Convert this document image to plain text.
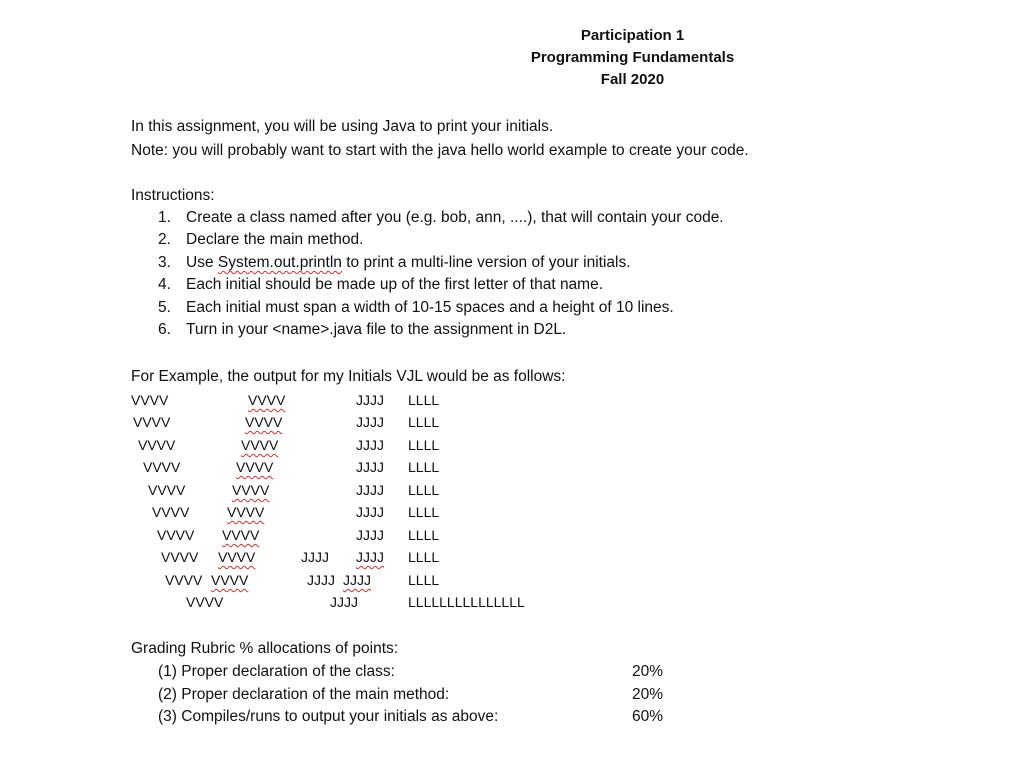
Participation 1
Programming Fundamentals
Fall 2020
In this assignment, you will be using Java to print your initials.
Note: you will probably want to start with the java hello world example to create your code.
Instructions:
1. Create a class named after you (e.g. bob, ann, ....), that will contain your code.
2. Declare the main method.
3. Use System.out.println to print a multi-line version of your initials.
4. Each initial should be made up of the first letter of that name.
5. Each initial must span a width of 10-15 spaces and a height of 10 lines.
6. Turn in your <name>.java file to the assignment in D2L.
For Example, the output for my Initials VJL would be as follows:
VVVV
VVVV
VVVV
VVVV
VVVV
VVVV
VVVV
VVVV
VVVV
VVVV
VVVV
VVVV
VVVV
VVVV
VVVV
VVVV
VVVV
VVVV
VVVV
JJJJ
JJJJ
JJJJ
JJJJ
JJJJ
JJJJ
JJJJ
JJJJ JJJJ
JJJJ JJJJ
JJJJ
LLLL
LLLL
LLLL
LLLL
LLLL
LLLL
LLLL
LLLL
LLLL
LLLLLLLLLLLLLLL
Grading Rubric % allocations of points:
(1) Proper declaration of the class:	20%
(2) Proper declaration of the main method:	20%
(3) Compiles/runs to output your initials as above:	60%
